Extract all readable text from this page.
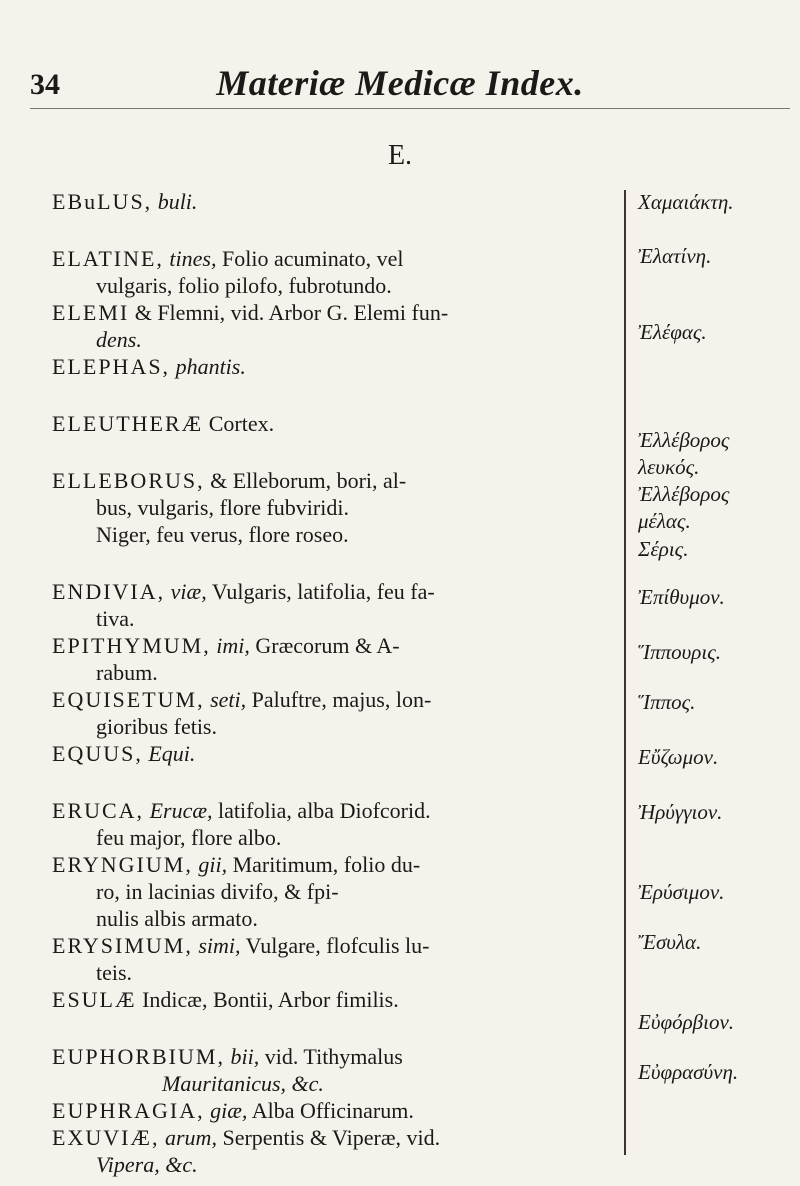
34	Materiæ Medicæ Index.
E.

EBuLUS, buli.

ELATINE, tines, Folio acuminato, vel
vulgaris, folio pilofo, fubrotundo.

ELEMI & Flemni, vid. Arbor G. Elemi fun-
dens.

ELEPHAS, phantis.

ELEUTHERÆ Cortex.

ELLEBORUS, & Elleborum, bori, al-
bus, vulgaris, flore fubviridi.
Niger, feu verus, flore roseo.

ENDIVIA, viæ, Vulgaris, latifolia, feu fa-
tiva.

EPITHYMUM, imi, Græcorum & A-
rabum.

EQUISETUM, seti, Paluftre, majus, lon-
gioribus fetis.

EQUUS, Equi.

ERUCA, Erucæ, latifolia, alba Diofcorid.
feu major, flore albo.

ERYNGIUM, gii, Maritimum, folio du-
ro, in lacinias divifo, & fpi-
nulis albis armato.

ERYSIMUM, simi, Vulgare, flofculis lu-
teis.

ESULÆ Indicæ, Bontii, Arbor fimilis.

EUPHORBIUM, bii, vid. Tithymalus
Mauritanicus, &c.

EUPHRAGIA, giæ, Alba Officinarum.

EXUVIÆ, arum, Serpentis & Viperæ, vid.
Vipera, &c.

Χαμαιάκτη.
Ἐλατίνη.
Ἐλέφας.
Ἐλλέβορος
λευκός.
Ἐλλέβορος
μέλας.
Σέρις.
Ἐπίθυμον.
Ἵππουρις.
Ἵππος.
Εὔζωμον.
Ἠρύγγιον.
Ἐρύσιμον.
Ἔσυλα.
Εὐφόρβιον.
Εὐφρασύνη.
